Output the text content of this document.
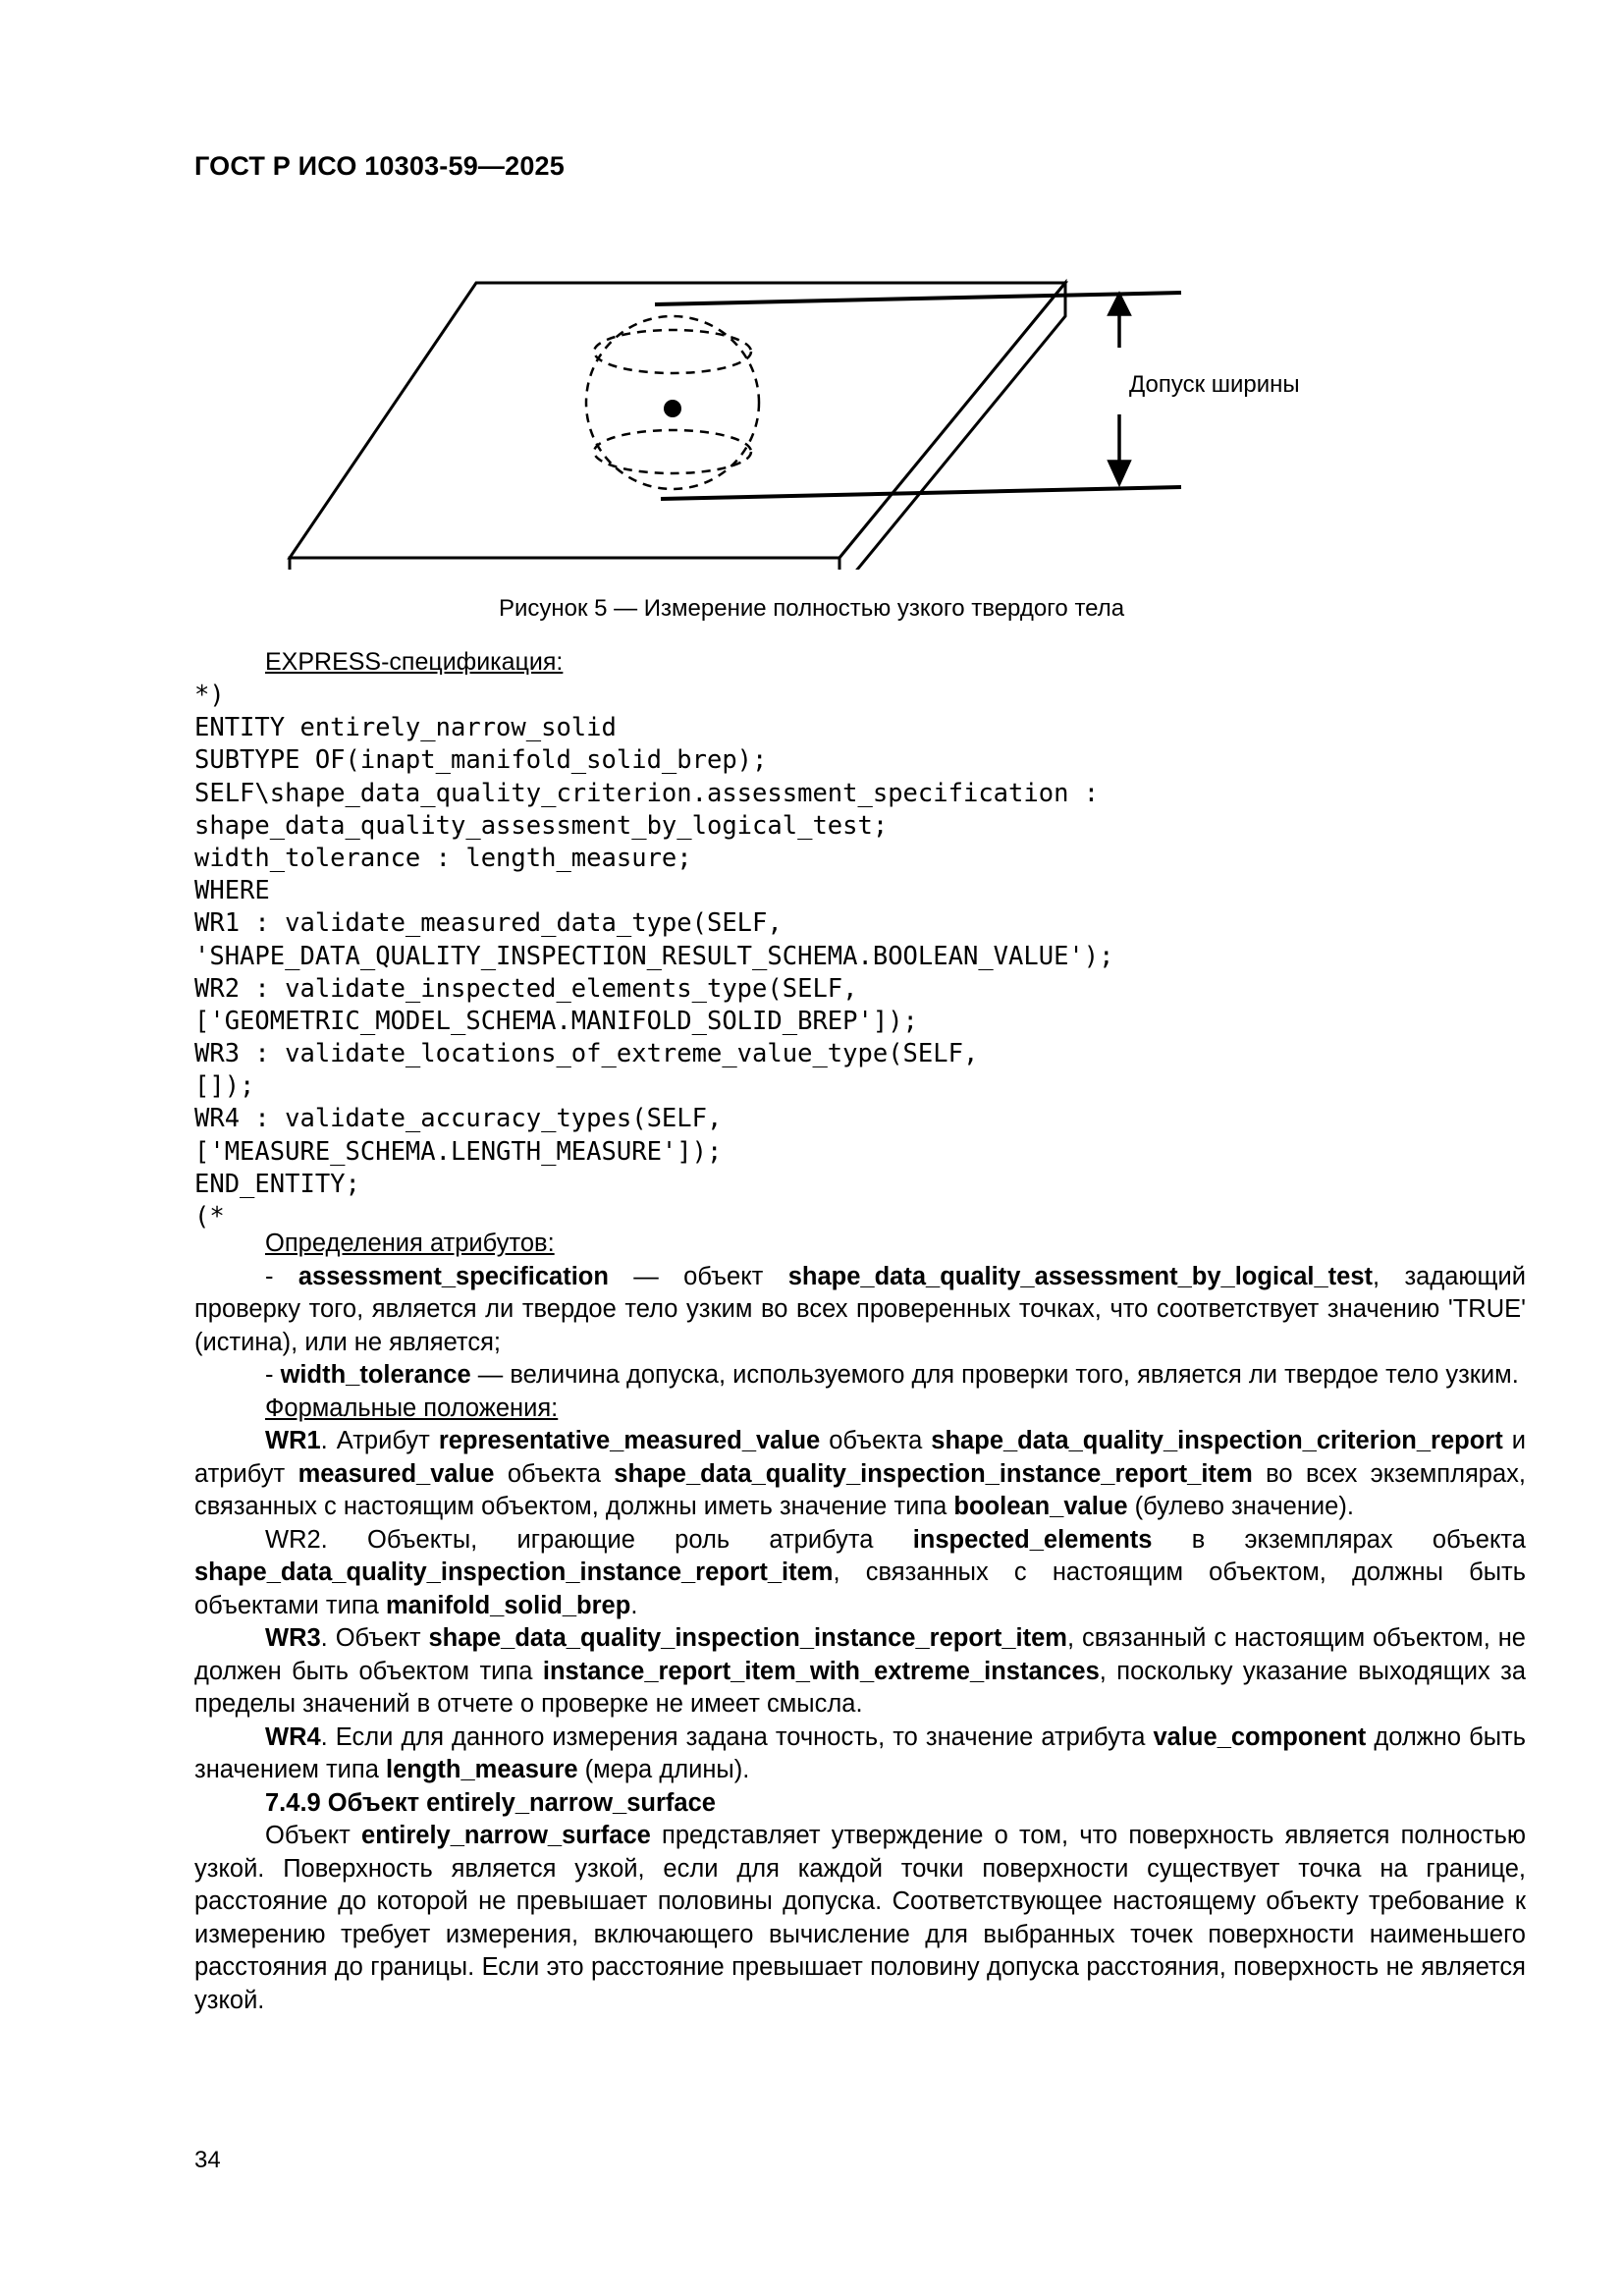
ГОСТ Р ИСО 10303-59—2025
Допуск ширины
Рисунок 5 — Измерение полностью узкого твердого тела
EXPRESS-спецификация:
*)
ENTITY entirely_narrow_solid
SUBTYPE OF(inapt_manifold_solid_brep);
SELF\shape_data_quality_criterion.assessment_specification :
shape_data_quality_assessment_by_logical_test;
width_tolerance : length_measure;
WHERE
WR1 : validate_measured_data_type(SELF,
'SHAPE_DATA_QUALITY_INSPECTION_RESULT_SCHEMA.BOOLEAN_VALUE');
WR2 : validate_inspected_elements_type(SELF,
['GEOMETRIC_MODEL_SCHEMA.MANIFOLD_SOLID_BREP']);
WR3 : validate_locations_of_extreme_value_type(SELF,
[]);
WR4 : validate_accuracy_types(SELF,
['MEASURE_SCHEMA.LENGTH_MEASURE']);
END_ENTITY;
(*

Определения атрибутов:

- assessment_specification — объект shape_data_quality_assessment_by_logical_test, задающий проверку того, является ли твердое тело узким во всех проверенных точках, что соответствует значению 'TRUE' (истина), или не является;

- width_tolerance — величина допуска, используемого для проверки того, является ли твердое тело узким.

Формальные положения:

WR1. Атрибут representative_measured_value объекта shape_data_quality_inspection_criterion_report и атрибут measured_value объекта shape_data_quality_inspection_instance_report_item во всех экземплярах, связанных с настоящим объектом, должны иметь значение типа boolean_value (булево значение).

WR2. Объекты, играющие роль атрибута inspected_elements в экземплярах объекта shape_data_quality_inspection_instance_report_item, связанных с настоящим объектом, должны быть объектами типа manifold_solid_brep.

WR3. Объект shape_data_quality_inspection_instance_report_item, связанный с настоящим объектом, не должен быть объектом типа instance_report_item_with_extreme_instances, поскольку указание выходящих за пределы значений в отчете о проверке не имеет смысла.

WR4. Если для данного измерения задана точность, то значение атрибута value_component должно быть значением типа length_measure (мера длины).

7.4.9 Объект entirely_narrow_surface

Объект entirely_narrow_surface представляет утверждение о том, что поверхность является полностью узкой. Поверхность является узкой, если для каждой точки поверхности существует точка на границе, расстояние до которой не превышает половины допуска. Соответствующее настоящему объекту требование к измерению требует измерения, включающего вычисление для выбранных точек поверхности наименьшего расстояния до границы. Если это расстояние превышает половину допуска расстояния, поверхность не является узкой.

34
